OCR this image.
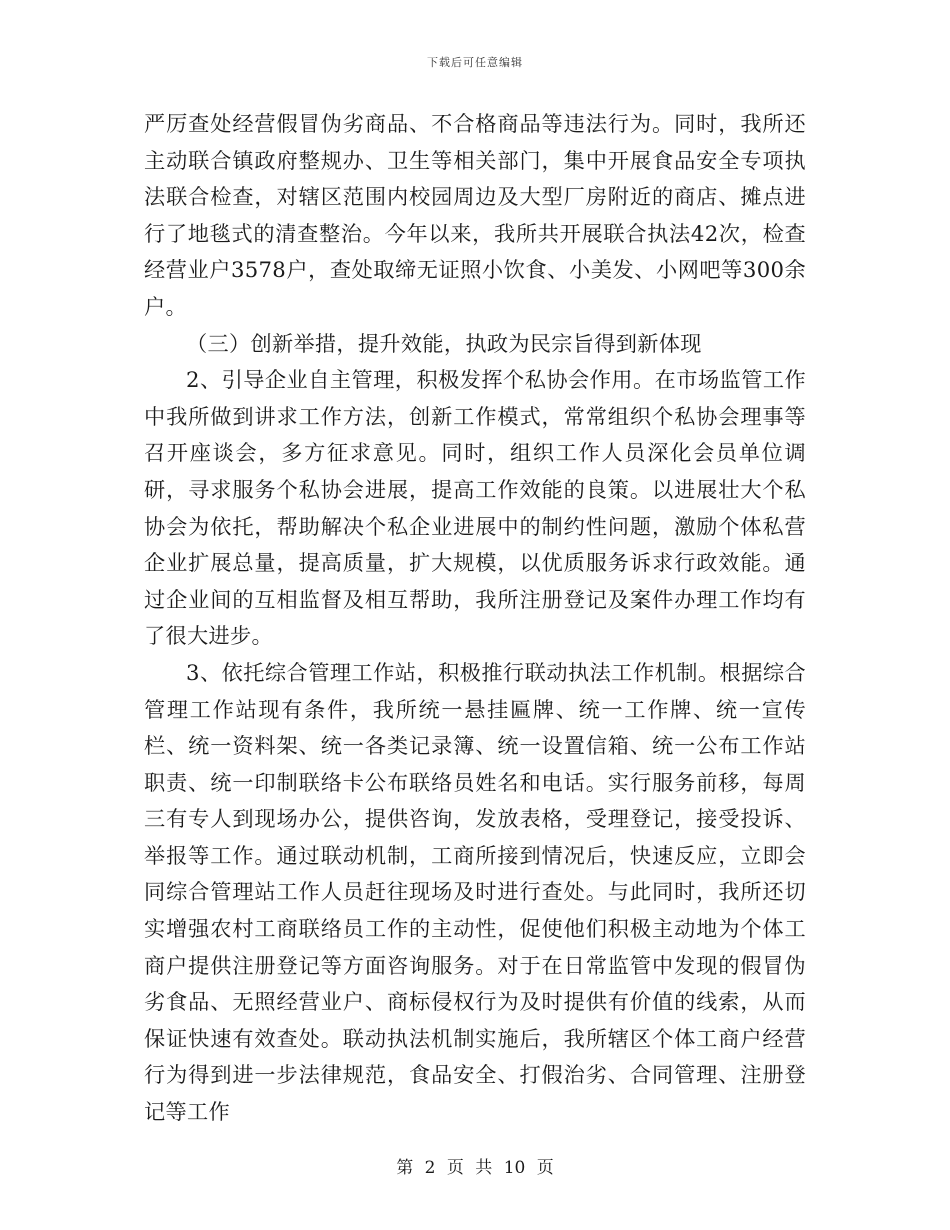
下载后可任意编辑

严厉查处经营假冒伪劣商品、不合格商品等违法行为。同时，我所还主动联合镇政府整规办、卫生等相关部门，集中开展食品安全专项执法联合检查，对辖区范围内校园周边及大型厂房附近的商店、摊点进行了地毯式的清查整治。今年以来，我所共开展联合执法42次，检查经营业户3578户，查处取缔无证照小饮食、小美发、小网吧等300余户。

（三）创新举措，提升效能，执政为民宗旨得到新体现

2、引导企业自主管理，积极发挥个私协会作用。在市场监管工作中我所做到讲求工作方法，创新工作模式，常常组织个私协会理事等召开座谈会，多方征求意见。同时，组织工作人员深化会员单位调研，寻求服务个私协会进展，提高工作效能的良策。以进展壮大个私协会为依托，帮助解决个私企业进展中的制约性问题，激励个体私营企业扩展总量，提高质量，扩大规模，以优质服务诉求行政效能。通过企业间的互相监督及相互帮助，我所注册登记及案件办理工作均有了很大进步。

3、依托综合管理工作站，积极推行联动执法工作机制。根据综合管理工作站现有条件，我所统一悬挂匾牌、统一工作牌、统一宣传栏、统一资料架、统一各类记录簿、统一设置信箱、统一公布工作站职责、统一印制联络卡公布联络员姓名和电话。实行服务前移，每周三有专人到现场办公，提供咨询，发放表格，受理登记，接受投诉、举报等工作。通过联动机制，工商所接到情况后，快速反应，立即会同综合管理站工作人员赶往现场及时进行查处。与此同时，我所还切实增强农村工商联络员工作的主动性，促使他们积极主动地为个体工商户提供注册登记等方面咨询服务。对于在日常监管中发现的假冒伪劣食品、无照经营业户、商标侵权行为及时提供有价值的线索，从而保证快速有效查处。联动执法机制实施后，我所辖区个体工商户经营行为得到进一步法律规范，食品安全、打假治劣、合同管理、注册登记等工作

第 2 页 共 10 页
